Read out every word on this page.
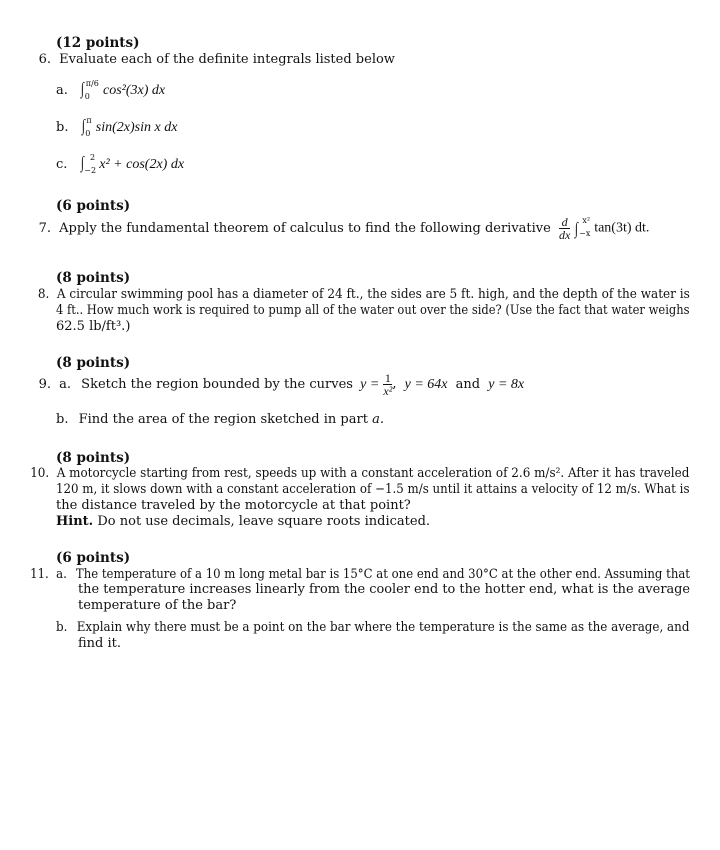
(12 points)
6. Evaluate each of the definite integrals listed below
a. $\int_0^{\pi/6}$ cos²(3x) dx
b. $\int_0^\pi$ sin(2x)sin x dx
c. $\int_{-2}^2$ x² + cos(2x) dx
(6 points)
7. Apply the fundamental theorem of calculus to find the following derivative $\frac{d}{dx} \int_{-x}^{x^2}$ tan(3t) dt.
(8 points)
8. A circular swimming pool has a diameter of 24 ft., the sides are 5 ft. high, and the depth of the water is
4 ft.. How much work is required to pump all of the water out over the side? (Use the fact that water weighs
62.5 lb/ft³.)
(8 points)
9. a. Sketch the region bounded by the curves $y = \frac{1}{\text{x²}}$ , y = 64x and y = 8x
b. Find the area of the region sketched in part a.
(8 points)
10. A motorcycle starting from rest, speeds up with a constant acceleration of 2.6 m/s². After it has traveled
120 m, it slows down with a constant acceleration of −1.5 m/s until it attains a velocity of 12 m/s. What is
the distance traveled by the motorcycle at that point?
Hint. Do not use decimals, leave square roots indicated.
(6 points)
11. a. The temperature of a 10 m long metal bar is 15°C at one end and 30°C at the other end. Assuming that
the temperature increases linearly from the cooler end to the hotter end, what is the average
temperature of the bar?
b. Explain why there must be a point on the bar where the temperature is the same as the average, and
find it.
